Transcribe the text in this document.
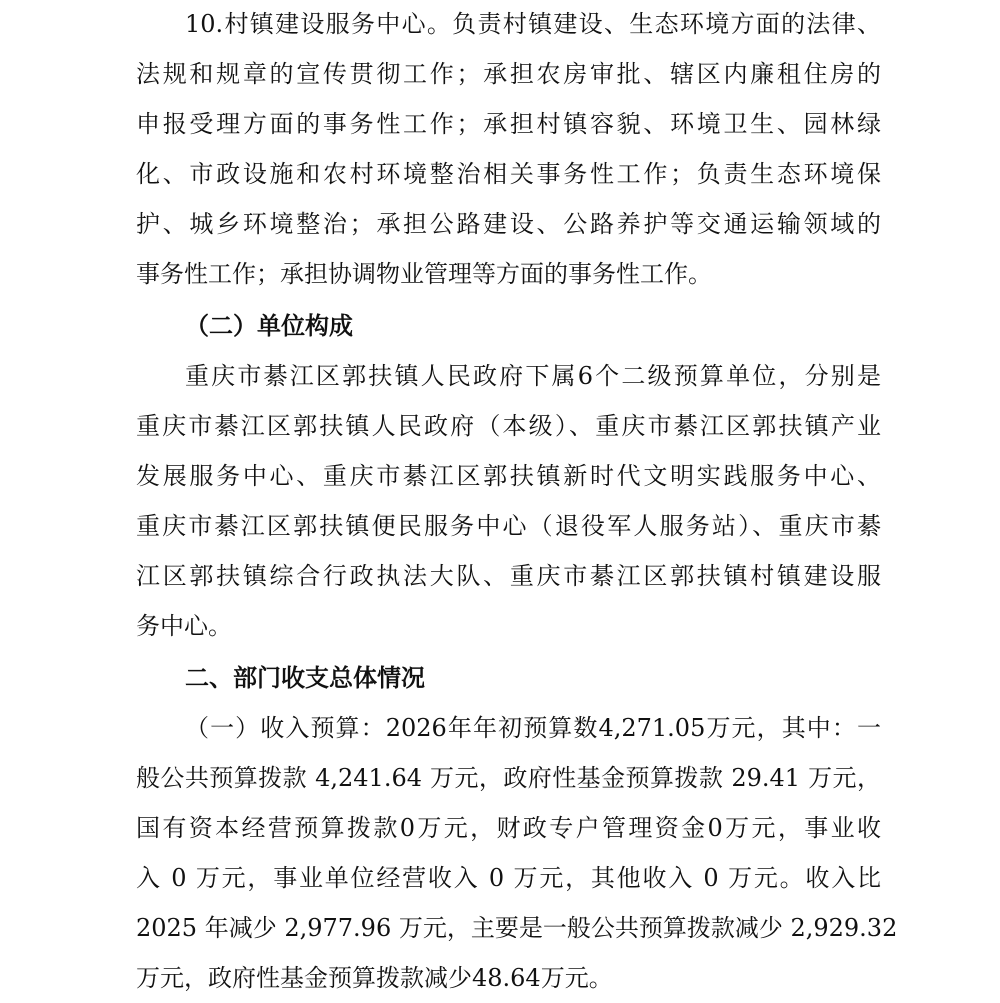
10.村镇建设服务中心。负责村镇建设、生态环境方面的法律、
法规和规章的宣传贯彻工作；承担农房审批、辖区内廉租住房的
申报受理方面的事务性工作；承担村镇容貌、环境卫生、园林绿
化、市政设施和农村环境整治相关事务性工作；负责生态环境保
护、城乡环境整治；承担公路建设、公路养护等交通运输领域的
事务性工作；承担协调物业管理等方面的事务性工作。
（二）单位构成
重庆市綦江区郭扶镇人民政府下属6个二级预算单位，分别是
重庆市綦江区郭扶镇人民政府（本级）、重庆市綦江区郭扶镇产业
发展服务中心、重庆市綦江区郭扶镇新时代文明实践服务中心、
重庆市綦江区郭扶镇便民服务中心（退役军人服务站）、重庆市綦
江区郭扶镇综合行政执法大队、重庆市綦江区郭扶镇村镇建设服
务中心。
二、部门收支总体情况
（一）收入预算：2026年年初预算数4,271.05万元，其中：一
般公共预算拨款 4,241.64 万元，政府性基金预算拨款 29.41 万元，
国有资本经营预算拨款0万元，财政专户管理资金0万元，事业收
入 0 万元，事业单位经营收入 0 万元，其他收入 0 万元。收入比
2025 年减少 2,977.96 万元，主要是一般公共预算拨款减少 2,929.32
万元，政府性基金预算拨款减少48.64万元。
